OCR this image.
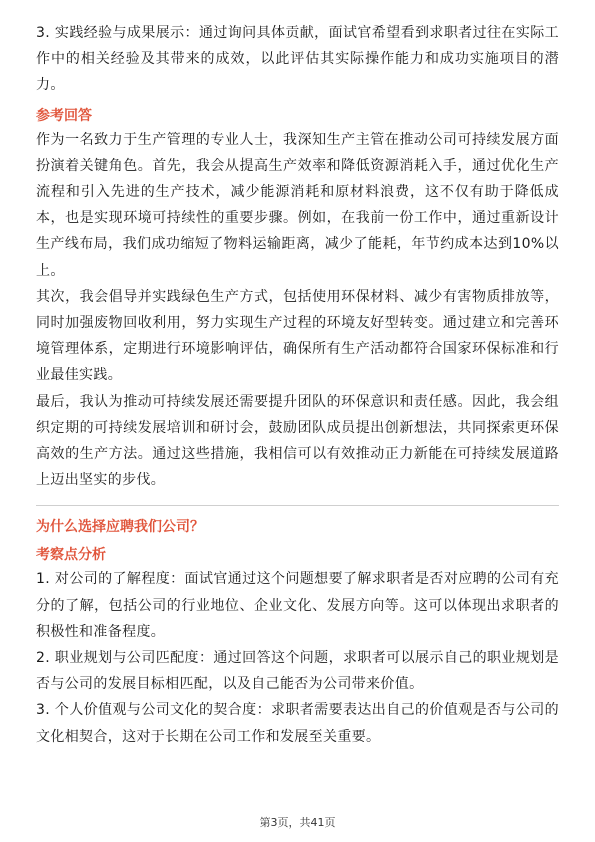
3. 实践经验与成果展示：通过询问具体贡献，面试官希望看到求职者过往在实际工作中的相关经验及其带来的成效，以此评估其实际操作能力和成功实施项目的潜力。

参考回答

作为一名致力于生产管理的专业人士，我深知生产主管在推动公司可持续发展方面扮演着关键角色。首先，我会从提高生产效率和降低资源消耗入手，通过优化生产流程和引入先进的生产技术，减少能源消耗和原材料浪费，这不仅有助于降低成本，也是实现环境可持续性的重要步骤。例如，在我前一份工作中，通过重新设计生产线布局，我们成功缩短了物料运输距离，减少了能耗，年节约成本达到10%以上。

其次，我会倡导并实践绿色生产方式，包括使用环保材料、减少有害物质排放等，同时加强废物回收利用，努力实现生产过程的环境友好型转变。通过建立和完善环境管理体系，定期进行环境影响评估，确保所有生产活动都符合国家环保标准和行业最佳实践。

最后，我认为推动可持续发展还需要提升团队的环保意识和责任感。因此，我会组织定期的可持续发展培训和研讨会，鼓励团队成员提出创新想法，共同探索更环保高效的生产方法。通过这些措施，我相信可以有效推动正力新能在可持续发展道路上迈出坚实的步伐。

为什么选择应聘我们公司？
考察点分析

1. 对公司的了解程度：面试官通过这个问题想要了解求职者是否对应聘的公司有充分的了解，包括公司的行业地位、企业文化、发展方向等。这可以体现出求职者的积极性和准备程度。

2. 职业规划与公司匹配度：通过回答这个问题，求职者可以展示自己的职业规划是否与公司的发展目标相匹配，以及自己能否为公司带来价值。

3. 个人价值观与公司文化的契合度：求职者需要表达出自己的价值观是否与公司的文化相契合，这对于长期在公司工作和发展至关重要。

第3页，共41页
